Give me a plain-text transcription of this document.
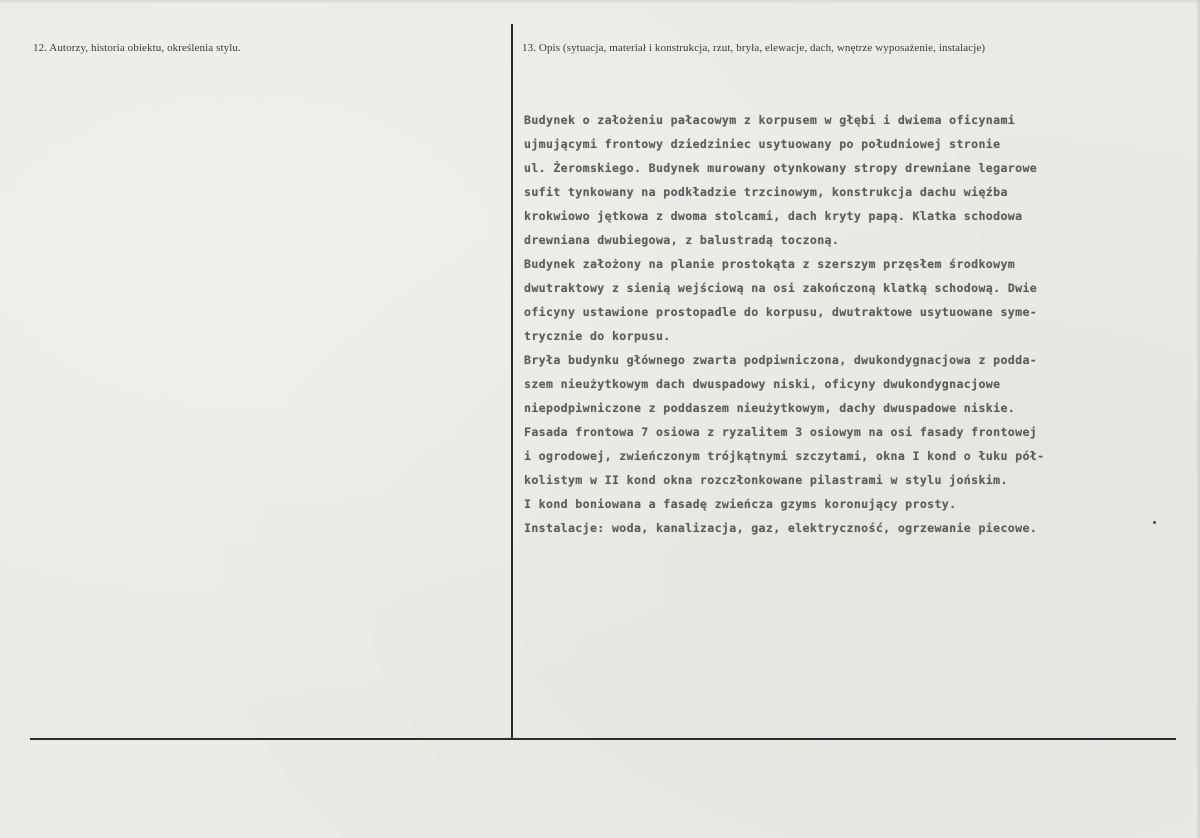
12. Autorzy, historia obiektu, określenia stylu.	13. Opis (sytuacja, materiał i konstrukcja, rzut, bryła, elewacje, dach, wnętrze wyposażenie, instalacje)
Budynek o założeniu pałacowym z korpusem w głębi i dwiema oficynami
ujmującymi frontowy dziedziniec usytuowany po południowej stronie
ul. Żeromskiego. Budynek murowany otynkowany stropy drewniane legarowe
sufit tynkowany na podkładzie trzcinowym, konstrukcja dachu więźba
krokwiowo jętkowa z dwoma stolcami, dach kryty papą. Klatka schodowa
drewniana dwubiegowa, z balustradą toczoną.
Budynek założony na planie prostokąta z szerszym przęsłem środkowym
dwutraktowy z sienią wejściową na osi zakończoną klatką schodową. Dwie
oficyny ustawione prostopadle do korpusu, dwutraktowe usytuowane syme-
trycznie do korpusu.
Bryła budynku głównego zwarta podpiwniczona, dwukondygnacjowa z podda-
szem nieużytkowym dach dwuspadowy niski, oficyny dwukondygnacjowe
niepodpiwniczone z poddaszem nieużytkowym, dachy dwuspadowe niskie.
Fasada frontowa 7 osiowa z ryzalitem 3 osiowym na osi fasady frontowej
i ogrodowej, zwieńczonym trójkątnymi szczytami, okna I kond o łuku pół-
kolistym w II kond okna rozczłonkowane pilastrami w stylu jońskim.
I kond boniowana a fasadę zwieńcza gzyms koronujący prosty.
Instalacje: woda, kanalizacja, gaz, elektryczność, ogrzewanie piecowe.
